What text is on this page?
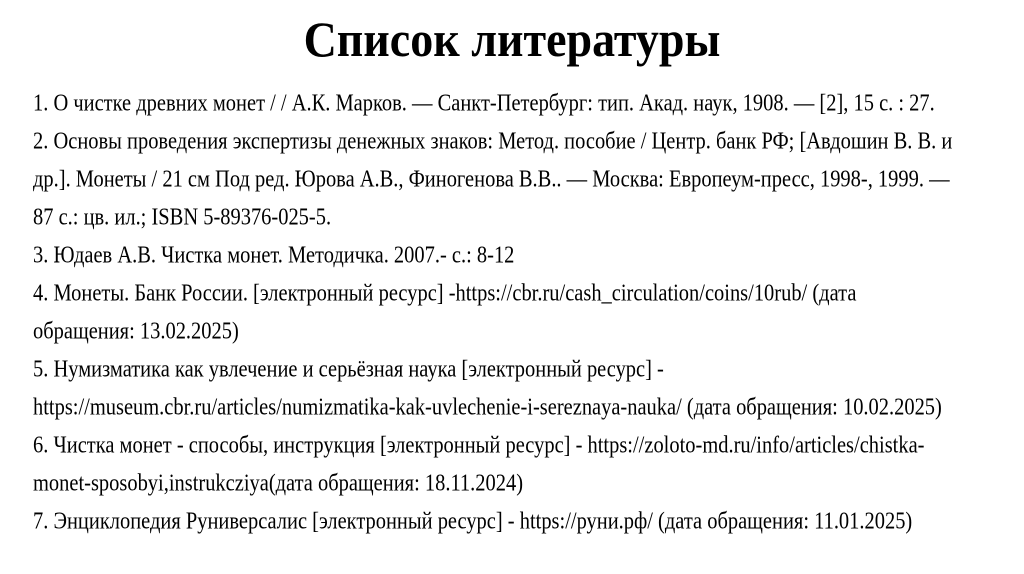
Список литературы
1. О чистке древних монет / / А.К. Марков. — Санкт-Петербург: тип. Акад. наук, 1908. — [2], 15 с. : 27.
2. Основы проведения экспертизы денежных знаков: Метод. пособие / Центр. банк РФ; [Авдошин В. В. и
др.]. Монеты / 21 см Под ред. Юрова А.В., Финогенова В.В.. — Москва: Европеум-пресс, 1998-, 1999. —
87 с.: цв. ил.; ISBN 5-89376-025-5.
3. Юдаев А.В. Чистка монет. Методичка. 2007.- с.: 8-12
4. Монеты. Банк России. [электронный ресурс] -https://cbr.ru/cash_circulation/coins/10rub/ (дата
обращения: 13.02.2025)
5. Нумизматика как увлечение и серьёзная наука [электронный ресурс] -
https://museum.cbr.ru/articles/numizmatika-kak-uvlechenie-i-sereznaya-nauka/ (дата обращения: 10.02.2025)
6. Чистка монет - способы, инструкция [электронный ресурс] - https://zoloto-md.ru/info/articles/chistka-
monet-sposobyi,instrukcziya(дата обращения: 18.11.2024)
7. Энциклопедия Руниверсалис [электронный ресурс] - https://руни.рф/ (дата обращения: 11.01.2025)
